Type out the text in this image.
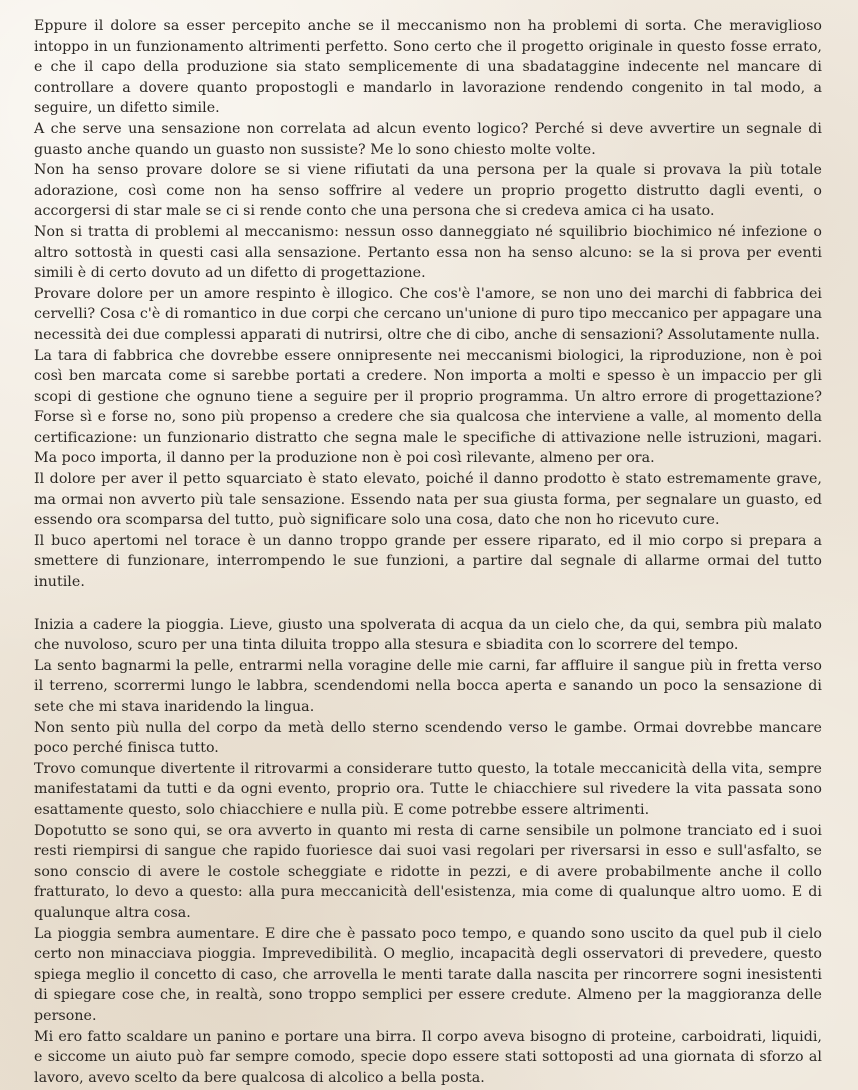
Eppure il dolore sa esser percepito anche se il meccanismo non ha problemi di sorta. Che meraviglioso intoppo in un funzionamento altrimenti perfetto. Sono certo che il progetto originale in questo fosse errato, e che il capo della produzione sia stato semplicemente di una sbadataggine indecente nel mancare di controllare a dovere quanto propostogli e mandarlo in lavorazione rendendo congenito in tal modo, a seguire, un difetto simile.

A che serve una sensazione non correlata ad alcun evento logico? Perché si deve avvertire un segnale di guasto anche quando un guasto non sussiste? Me lo sono chiesto molte volte.

Non ha senso provare dolore se si viene rifiutati da una persona per la quale si provava la più totale adorazione, così come non ha senso soffrire al vedere un proprio progetto distrutto dagli eventi, o accorgersi di star male se ci si rende conto che una persona che si credeva amica ci ha usato.

Non si tratta di problemi al meccanismo: nessun osso danneggiato né squilibrio biochimico né infezione o altro sottostà in questi casi alla sensazione. Pertanto essa non ha senso alcuno: se la si prova per eventi simili è di certo dovuto ad un difetto di progettazione.

Provare dolore per un amore respinto è illogico. Che cos'è l'amore, se non uno dei marchi di fabbrica dei cervelli? Cosa c'è di romantico in due corpi che cercano un'unione di puro tipo meccanico per appagare una necessità dei due complessi apparati di nutrirsi, oltre che di cibo, anche di sensazioni? Assolutamente nulla.

La tara di fabbrica che dovrebbe essere onnipresente nei meccanismi biologici, la riproduzione, non è poi così ben marcata come si sarebbe portati a credere. Non importa a molti e spesso è un impaccio per gli scopi di gestione che ognuno tiene a seguire per il proprio programma. Un altro errore di progettazione? Forse sì e forse no, sono più propenso a credere che sia qualcosa che interviene a valle, al momento della certificazione: un funzionario distratto che segna male le specifiche di attivazione nelle istruzioni, magari. Ma poco importa, il danno per la produzione non è poi così rilevante, almeno per ora.

Il dolore per aver il petto squarciato è stato elevato, poiché il danno prodotto è stato estremamente grave, ma ormai non avverto più tale sensazione. Essendo nata per sua giusta forma, per segnalare un guasto, ed essendo ora scomparsa del tutto, può significare solo una cosa, dato che non ho ricevuto cure.

Il buco apertomi nel torace è un danno troppo grande per essere riparato, ed il mio corpo si prepara a smettere di funzionare, interrompendo le sue funzioni, a partire dal segnale di allarme ormai del tutto inutile.

Inizia a cadere la pioggia. Lieve, giusto una spolverata di acqua da un cielo che, da qui, sembra più malato che nuvoloso, scuro per una tinta diluita troppo alla stesura e sbiadita con lo scorrere del tempo.

La sento bagnarmi la pelle, entrarmi nella voragine delle mie carni, far affluire il sangue più in fretta verso il terreno, scorrermi lungo le labbra, scendendomi nella bocca aperta e sanando un poco la sensazione di sete che mi stava inaridendo la lingua.

Non sento più nulla del corpo da metà dello sterno scendendo verso le gambe. Ormai dovrebbe mancare poco perché finisca tutto.

Trovo comunque divertente il ritrovarmi a considerare tutto questo, la totale meccanicità della vita, sempre manifestatami da tutti e da ogni evento, proprio ora. Tutte le chiacchiere sul rivedere la vita passata sono esattamente questo, solo chiacchiere e nulla più. E come potrebbe essere altrimenti.

Dopotutto se sono qui, se ora avverto in quanto mi resta di carne sensibile un polmone tranciato ed i suoi resti riempirsi di sangue che rapido fuoriesce dai suoi vasi regolari per riversarsi in esso e sull'asfalto, se sono conscio di avere le costole scheggiate e ridotte in pezzi, e di avere probabilmente anche il collo fratturato, lo devo a questo: alla pura meccanicità dell'esistenza, mia come di qualunque altro uomo. E di qualunque altra cosa.

La pioggia sembra aumentare. E dire che è passato poco tempo, e quando sono uscito da quel pub il cielo certo non minacciava pioggia. Imprevedibilità. O meglio, incapacità degli osservatori di prevedere, questo spiega meglio il concetto di caso, che arrovella le menti tarate dalla nascita per rincorrere sogni inesistenti di spiegare cose che, in realtà, sono troppo semplici per essere credute. Almeno per la maggioranza delle persone.

Mi ero fatto scaldare un panino e portare una birra. Il corpo aveva bisogno di proteine, carboidrati, liquidi, e siccome un aiuto può far sempre comodo, specie dopo essere stati sottoposti ad una giornata di sforzo al lavoro, avevo scelto da bere qualcosa di alcolico a bella posta.
